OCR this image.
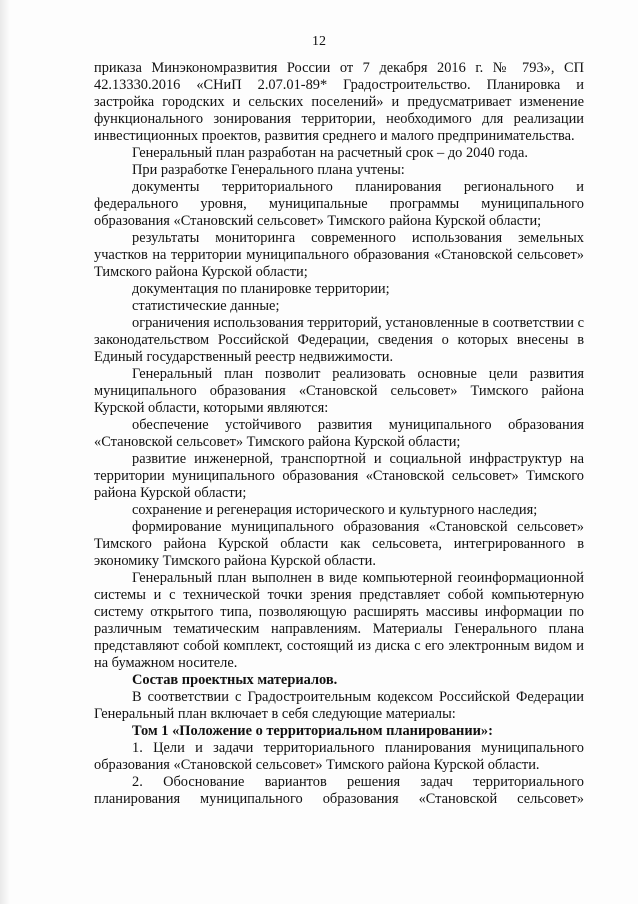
12

приказа Минэкономразвития России от 7 декабря 2016 г. № 793», СП 42.13330.2016 «СНиП 2.07.01-89* Градостроительство. Планировка и застройка городских и сельских поселений» и предусматривает изменение функционального зонирования территории, необходимого для реализации инвестиционных проектов, развития среднего и малого предпринимательства.

Генеральный план разработан на расчетный срок – до 2040 года.

При разработке Генерального плана учтены:

документы территориального планирования регионального и федерального уровня, муниципальные программы муниципального образования «Становский сельсовет» Тимского района Курской области;

результаты мониторинга современного использования земельных участков на территории муниципального образования «Становской сельсовет» Тимского района Курской области;

документация по планировке территории;

статистические данные;

ограничения использования территорий, установленные в соответствии с законодательством Российской Федерации, сведения о которых внесены в Единый государственный реестр недвижимости.

Генеральный план позволит реализовать основные цели развития муниципального образования «Становской сельсовет» Тимского района Курской области, которыми являются:

обеспечение устойчивого развития муниципального образования «Становской сельсовет» Тимского района Курской области;

развитие инженерной, транспортной и социальной инфраструктур на территории муниципального образования «Становской сельсовет» Тимского района Курской области;

сохранение и регенерация исторического и культурного наследия;

формирование муниципального образования «Становской сельсовет» Тимского района Курской области как сельсовета, интегрированного в экономику Тимского района Курской области.

Генеральный план выполнен в виде компьютерной геоинформационной системы и с технической точки зрения представляет собой компьютерную систему открытого типа, позволяющую расширять массивы информации по различным тематическим направлениям. Материалы Генерального плана представляют собой комплект, состоящий из диска с его электронным видом и на бумажном носителе.

Состав проектных материалов.

В соответствии с Градостроительным кодексом Российской Федерации Генеральный план включает в себя следующие материалы:

Том 1 «Положение о территориальном планировании»:

1. Цели и задачи территориального планирования муниципального образования «Становской сельсовет» Тимского района Курской области.

2. Обоснование вариантов решения задач территориального планирования муниципального образования «Становской сельсовет»
